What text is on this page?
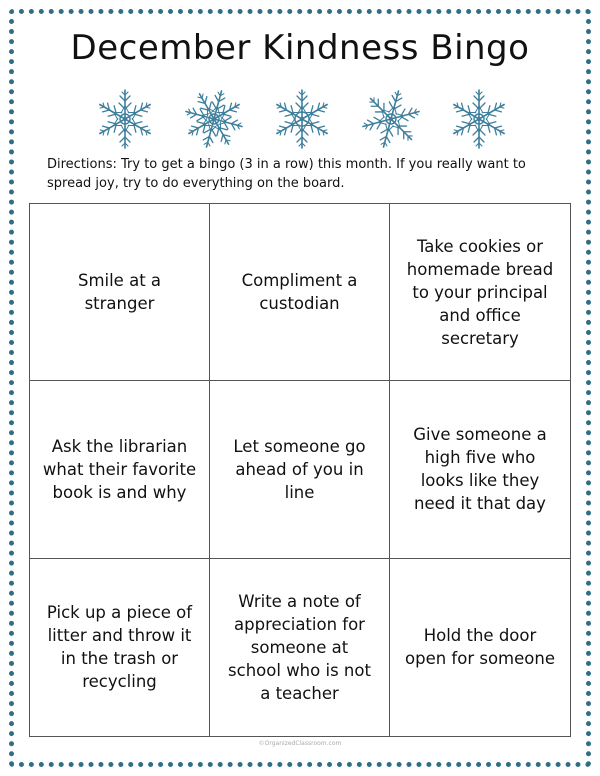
December Kindness Bingo
Directions: Try to get a bingo (3 in a row) this month. If you really want to spread joy, try to do everything on the board.
Smile at a stranger
Compliment a custodian
Take cookies or homemade bread to your principal and office secretary
Ask the librarian what their favorite book is and why
Let someone go ahead of you in line
Give someone a high five who looks like they need it that day
Pick up a piece of litter and throw it in the trash or recycling
Write a note of appreciation for someone at school who is not a teacher
Hold the door open for someone
©OrganizedClassroom.com
